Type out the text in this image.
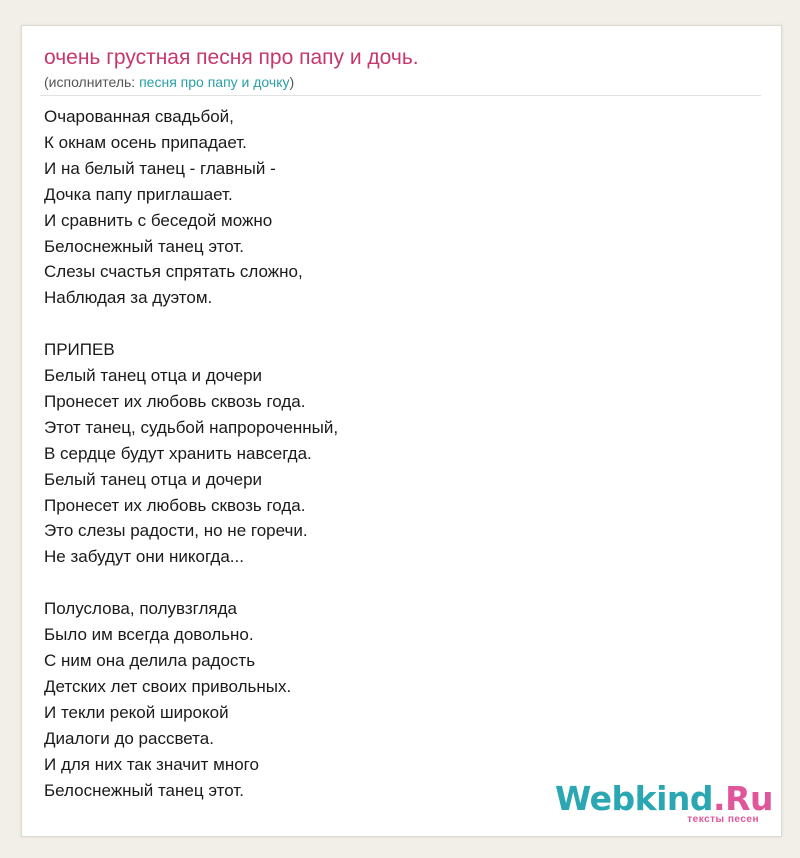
очень грустная песня про папу и дочь.
(исполнитель: песня про папу и дочку)

Очарованная свадьбой,
К окнам осень припадает.
И на белый танец - главный -
Дочка папу приглашает.
И сравнить с беседой можно
Белоснежный танец этот.
Слезы счастья спрятать сложно,
Наблюдая за дуэтом.

ПРИПЕВ
Белый танец отца и дочери
Пронесет их любовь сквозь года.
Этот танец, судьбой напророченный,
В сердце будут хранить навсегда.
Белый танец отца и дочери
Пронесет их любовь сквозь года.
Это слезы радости, но не горечи.
Не забудут они никогда...

Полуслова, полувзгляда
Было им всегда довольно.
С ним она делила радость
Детских лет своих привольных.
И текли рекой широкой
Диалоги до рассвета.
И для них так значит много
Белоснежный танец этот.	Webkind.Ru
тексты песен
